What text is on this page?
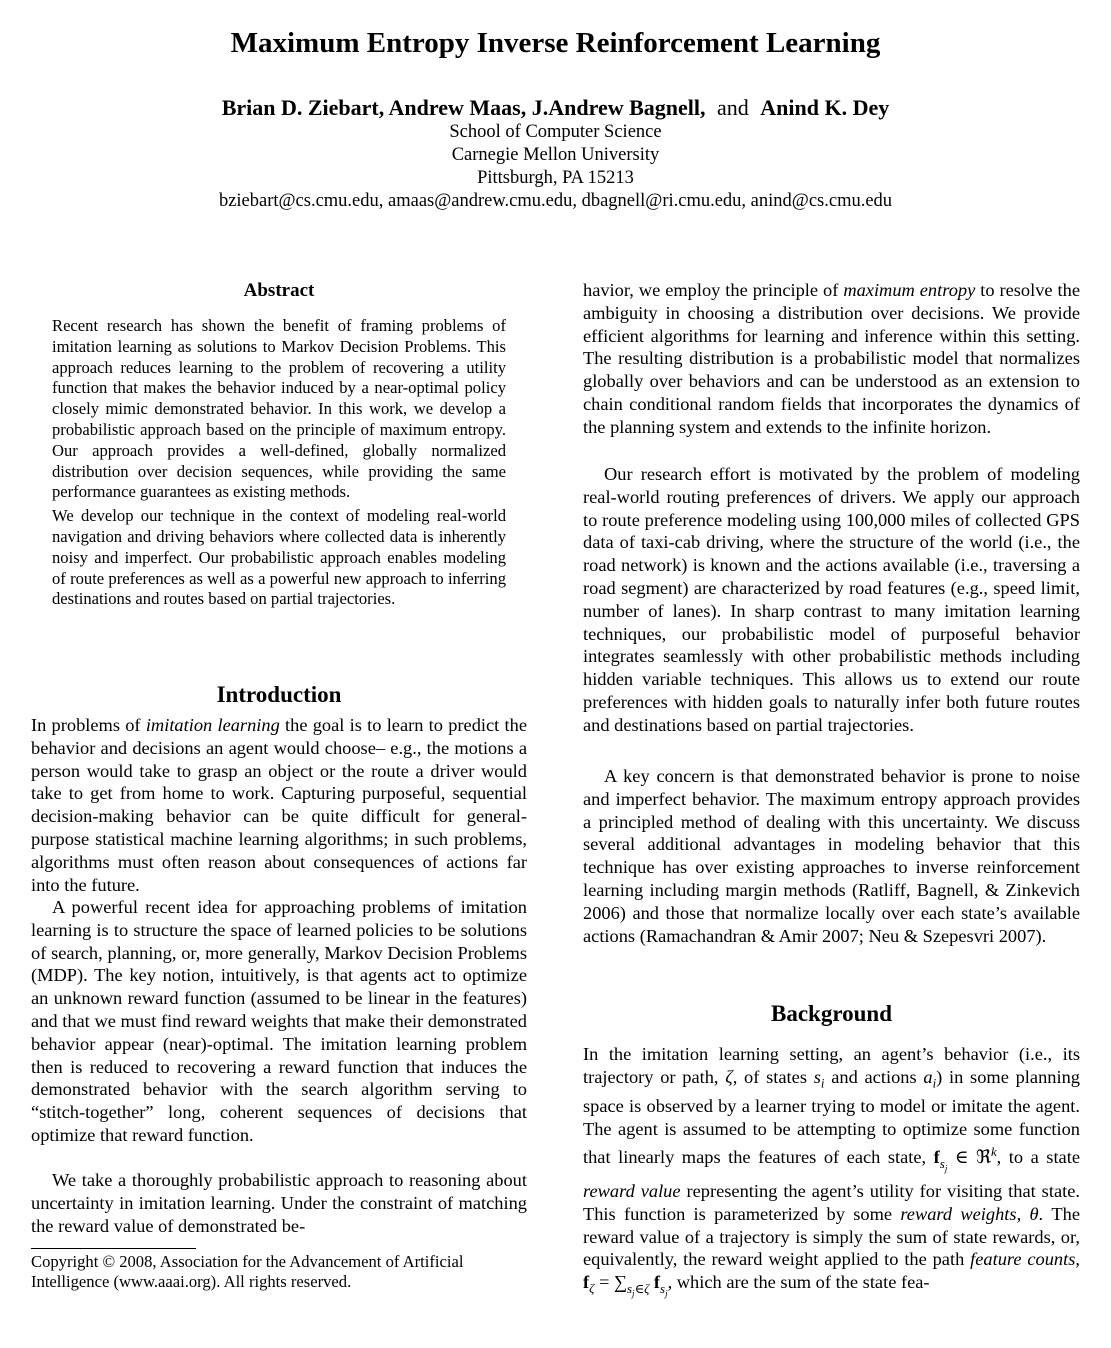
Maximum Entropy Inverse Reinforcement Learning
Brian D. Ziebart, Andrew Maas, J.Andrew Bagnell, and Anind K. Dey
School of Computer Science
Carnegie Mellon University
Pittsburgh, PA 15213
bziebart@cs.cmu.edu, amaas@andrew.cmu.edu, dbagnell@ri.cmu.edu, anind@cs.cmu.edu
Abstract

Recent research has shown the benefit of framing problems of imitation learning as solutions to Markov Decision Problems. This approach reduces learning to the problem of recovering a utility function that makes the behavior induced by a near-optimal policy closely mimic demonstrated behavior. In this work, we develop a probabilistic approach based on the principle of maximum entropy. Our approach provides a well-defined, globally normalized distribution over decision sequences, while providing the same performance guarantees as existing methods.

We develop our technique in the context of modeling real-world navigation and driving behaviors where collected data is inherently noisy and imperfect. Our probabilistic approach enables modeling of route preferences as well as a powerful new approach to inferring destinations and routes based on partial trajectories.

Introduction

In problems of imitation learning the goal is to learn to predict the behavior and decisions an agent would choose– e.g., the motions a person would take to grasp an object or the route a driver would take to get from home to work. Capturing purposeful, sequential decision-making behavior can be quite difficult for general-purpose statistical machine learning algorithms; in such problems, algorithms must often reason about consequences of actions far into the future.

A powerful recent idea for approaching problems of imitation learning is to structure the space of learned policies to be solutions of search, planning, or, more generally, Markov Decision Problems (MDP). The key notion, intuitively, is that agents act to optimize an unknown reward function (assumed to be linear in the features) and that we must find reward weights that make their demonstrated behavior appear (near)-optimal. The imitation learning problem then is reduced to recovering a reward function that induces the demonstrated behavior with the search algorithm serving to “stitch-together” long, coherent sequences of decisions that optimize that reward function.

We take a thoroughly probabilistic approach to reasoning about uncertainty in imitation learning. Under the constraint of matching the reward value of demonstrated be-

havior, we employ the principle of maximum entropy to resolve the ambiguity in choosing a distribution over decisions. We provide efficient algorithms for learning and inference within this setting. The resulting distribution is a probabilistic model that normalizes globally over behaviors and can be understood as an extension to chain conditional random fields that incorporates the dynamics of the planning system and extends to the infinite horizon.

Our research effort is motivated by the problem of modeling real-world routing preferences of drivers. We apply our approach to route preference modeling using 100,000 miles of collected GPS data of taxi-cab driving, where the structure of the world (i.e., the road network) is known and the actions available (i.e., traversing a road segment) are characterized by road features (e.g., speed limit, number of lanes). In sharp contrast to many imitation learning techniques, our probabilistic model of purposeful behavior integrates seamlessly with other probabilistic methods including hidden variable techniques. This allows us to extend our route preferences with hidden goals to naturally infer both future routes and destinations based on partial trajectories.

A key concern is that demonstrated behavior is prone to noise and imperfect behavior. The maximum entropy approach provides a principled method of dealing with this uncertainty. We discuss several additional advantages in modeling behavior that this technique has over existing approaches to inverse reinforcement learning including margin methods (Ratliff, Bagnell, & Zinkevich 2006) and those that normalize locally over each state’s available actions (Ramachandran & Amir 2007; Neu & Szepesvri 2007).

Background

In the imitation learning setting, an agent’s behavior (i.e., its trajectory or path, ζ, of states $s_i$ and actions $a_i$) in some planning space is observed by a learner trying to model or imitate the agent. The agent is assumed to be attempting to optimize some function that linearly maps the features of each state, $f_{s_j}$ ∈ ℜ$^k$, to a state reward value representing the agent’s utility for visiting that state. This function is parameterized by some reward weights, θ. The reward value of a trajectory is simply the sum of state rewards, or, equivalently, the reward weight applied to the path feature counts, $f_\zeta = \sum_{s_j\in\zeta}$ $f_{s_j}$, which are the sum of the state fea-

Copyright © 2008, Association for the Advancement of Artificial Intelligence (www.aaai.org). All rights reserved.
